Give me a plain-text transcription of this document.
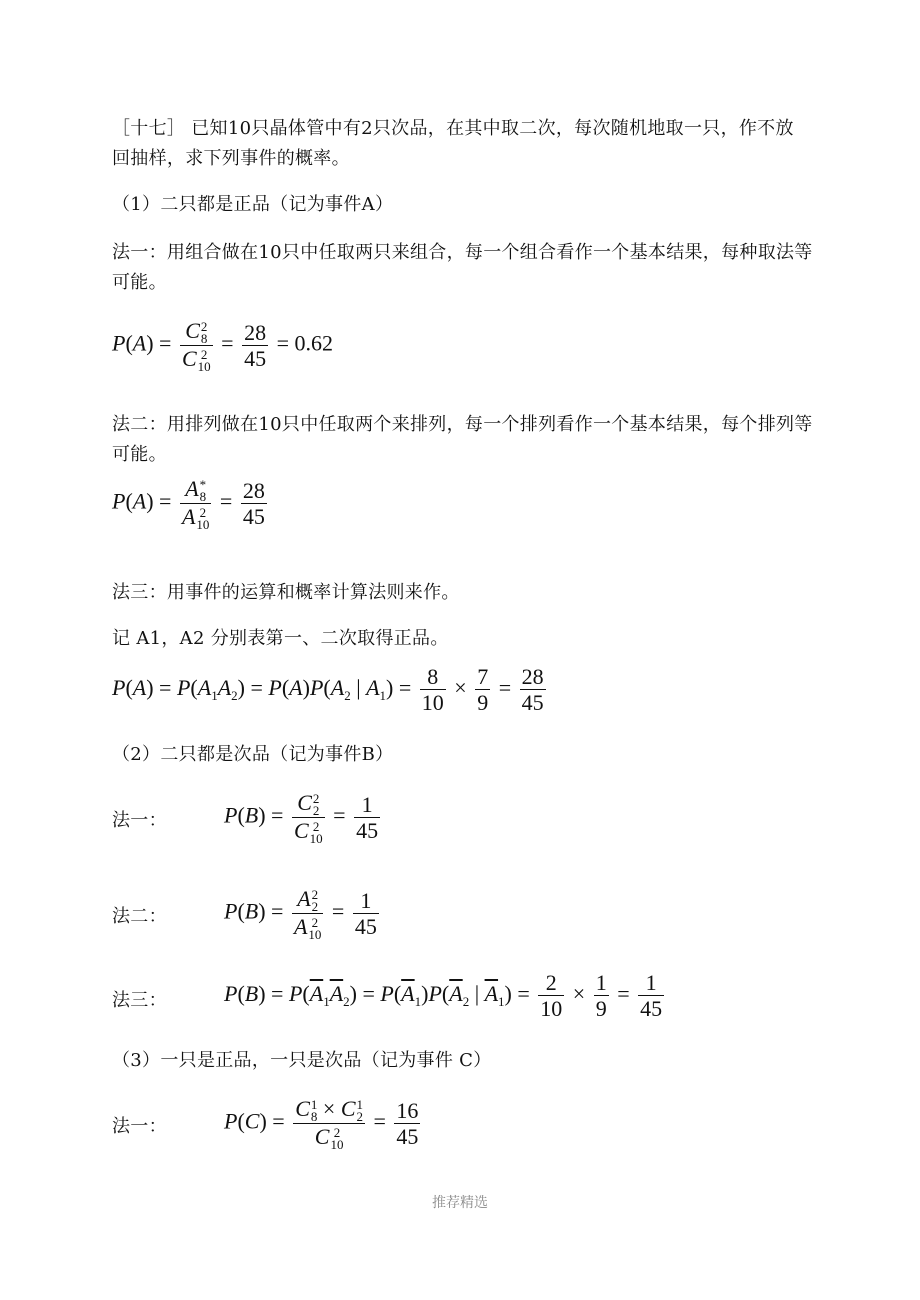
［十七］ 已知10只晶体管中有2只次品，在其中取二次，每次随机地取一只，作不放
回抽样，求下列事件的概率。
（1）二只都是正品（记为事件A）
法一：用组合做在10只中任取两只来组合，每一个组合看作一个基本结果，每种取法等
可能。
P(A) = C 2
8
C 2
$10 = \frac{28}{45} = 0.62$
法二：用排列做在10只中任取两个来排列，每一个排列看作一个基本结果，每个排列等
可能。
P(A) = A *
8
A 2
$10 = \frac{28}{45}$
法三：用事件的运算和概率计算法则来作。
记 A1，A2 分别表第一、二次取得正品。
$P(A) = P(A_1A_2) = P(A)P(A_2$ | $A_1) = \frac{8}{10} \times \frac{7}{9} = \frac{28}{45}$
（2）二只都是次品（记为事件B）
法一：	P(B) = C 2
2
C 2
$10 = \frac{1}{45}$
法二：	P(B) = A 2
2
A 2
$10 = \frac{1}{45}$
法三：	$P(B) = P(\overline{A}_1\overline{A}_2) = P(\overline{A}_1)P(\overline{A}_2$ | $\overline{A}_1) = \frac{2}{10} \times \frac{1}{9} = \frac{1}{45}$
（3）一只是正品，一只是次品（记为事件 C）
法一：	P(C) = C 1
8 × C 1
2
C 2
$10 = \frac{16}{45}$
推荐精选
